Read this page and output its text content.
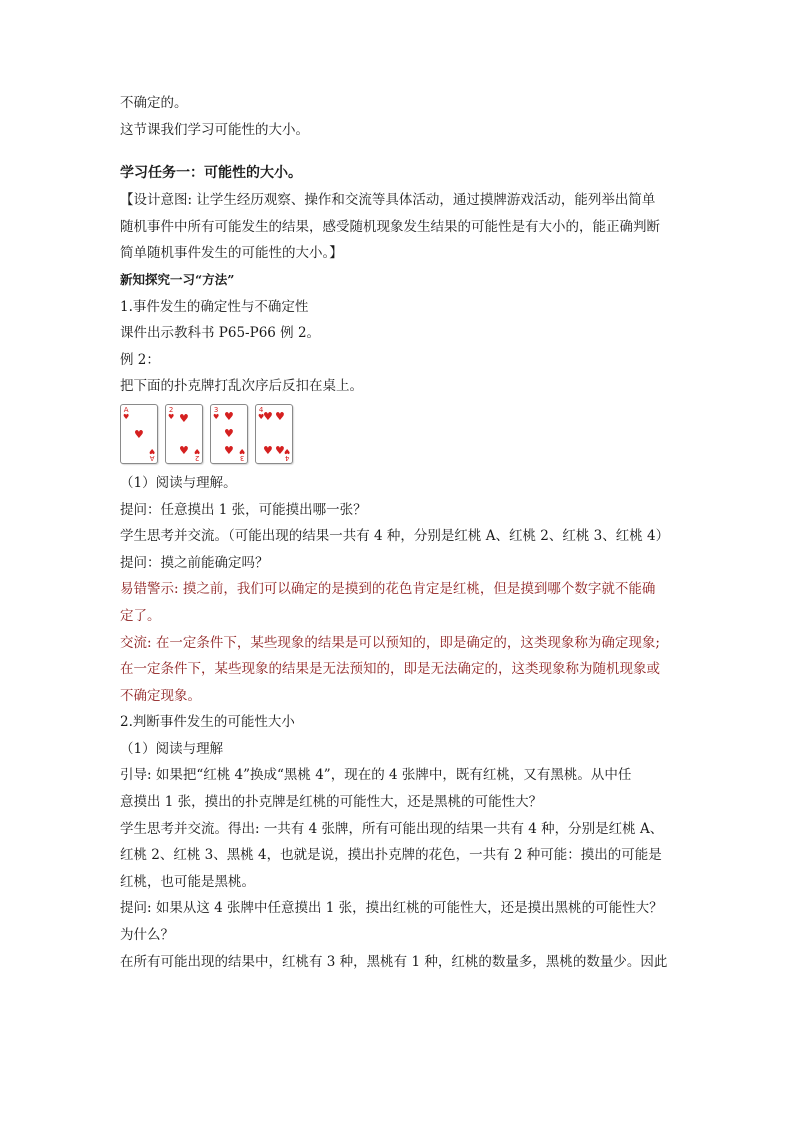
不确定的。
这节课我们学习可能性的大小。
学习任务一：可能性的大小。
【设计意图: 让学生经历观察、操作和交流等具体活动，通过摸牌游戏活动，能列举出简单
随机事件中所有可能发生的结果，感受随机现象发生结果的可能性是有大小的，能正确判断
简单随机事件发生的可能性的大小。】
新知探究一习“方法”
1.事件发生的确定性与不确定性
课件出示教科书 P65-P66 例 2。
例 2：
把下面的扑克牌打乱次序后反扣在桌上。
A
♥
A
♥
♥
2
♥
2
♥
♥
♥
3
♥
3
♥
♥
♥
♥
4
♥
4
♥
♥ ♥
♥ ♥
（1）阅读与理解。
提问：任意摸出 1 张，可能摸出哪一张？
学生思考并交流。（可能出现的结果一共有 4 种，分别是红桃 A、红桃 2、红桃 3、红桃 4）
提问：摸之前能确定吗？
易错警示: 摸之前，我们可以确定的是摸到的花色肯定是红桃，但是摸到哪个数字就不能确
定了。
交流: 在一定条件下，某些现象的结果是可以预知的，即是确定的，这类现象称为确定现象;
在一定条件下，某些现象的结果是无法预知的，即是无法确定的，这类现象称为随机现象或
不确定现象。
2.判断事件发生的可能性大小
（1）阅读与理解
引导: 如果把“红桃 4”换成“黑桃 4”，现在的 4 张牌中，既有红桃，又有黑桃。从中任
意摸出 1 张，摸出的扑克牌是红桃的可能性大，还是黑桃的可能性大？
学生思考并交流。得出: 一共有 4 张牌，所有可能出现的结果一共有 4 种，分别是红桃 A、
红桃 2、红桃 3、黑桃 4，也就是说，摸出扑克牌的花色，一共有 2 种可能：摸出的可能是
红桃，也可能是黑桃。
提问: 如果从这 4 张牌中任意摸出 1 张，摸出红桃的可能性大，还是摸出黑桃的可能性大？
为什么？
在所有可能出现的结果中，红桃有 3 种，黑桃有 1 种，红桃的数量多，黑桃的数量少。因此
